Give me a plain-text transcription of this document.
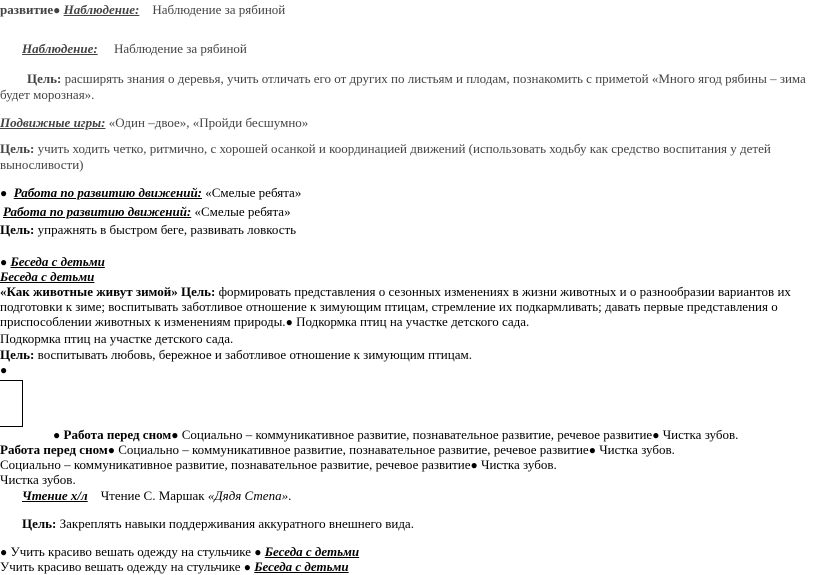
развитие● Наблюдение: Наблюдение за рябиной
Наблюдение: Наблюдение за рябиной
Цель: расширять знания о деревья, учить отличать его от других по листьям и плодам, познакомить с приметой «Много ягод рябины – зима будет морозная».
Подвижные игры: «Один –двое», «Пройди бесшумно»
Цель: учить ходить четко, ритмично, с хорошей осанкой и координацией движений (использовать ходьбу как средство воспитания у детей выносливости)
● Работа по развитию движений: «Смелые ребята»
Работа по развитию движений: «Смелые ребята»
Цель: упражнять в быстром беге, развивать ловкость
● Беседа с детьми
Беседа с детьми
«Как животные живут зимой» Цель: формировать представления о сезонных изменениях в жизни животных и о разнообразии вариантов их подготовки к зиме; воспитывать заботливое отношение к зимующим птицам, стремление их подкармливать; давать первые представления о приспособлении животных к изменениям природы.● Подкормка птиц на участке детского сада.
Подкормка птиц на участке детского сада.
Цель: воспитывать любовь, бережное и заботливое отношение к зимующим птицам.
●
● Работа перед сном● Социально – коммуникативное развитие, познавательное развитие, речевое развитие● Чистка зубов.
Работа перед сном● Социально – коммуникативное развитие, познавательное развитие, речевое развитие● Чистка зубов.
Социально – коммуникативное развитие, познавательное развитие, речевое развитие● Чистка зубов.
Чистка зубов.
Чтение х/л Чтение С. Маршак «Дядя Степа».
Цель: Закреплять навыки поддерживания аккуратного внешнего вида.
● Учить красиво вешать одежду на стульчике ● Беседа с детьми
Учить красиво вешать одежду на стульчике ● Беседа с детьми
